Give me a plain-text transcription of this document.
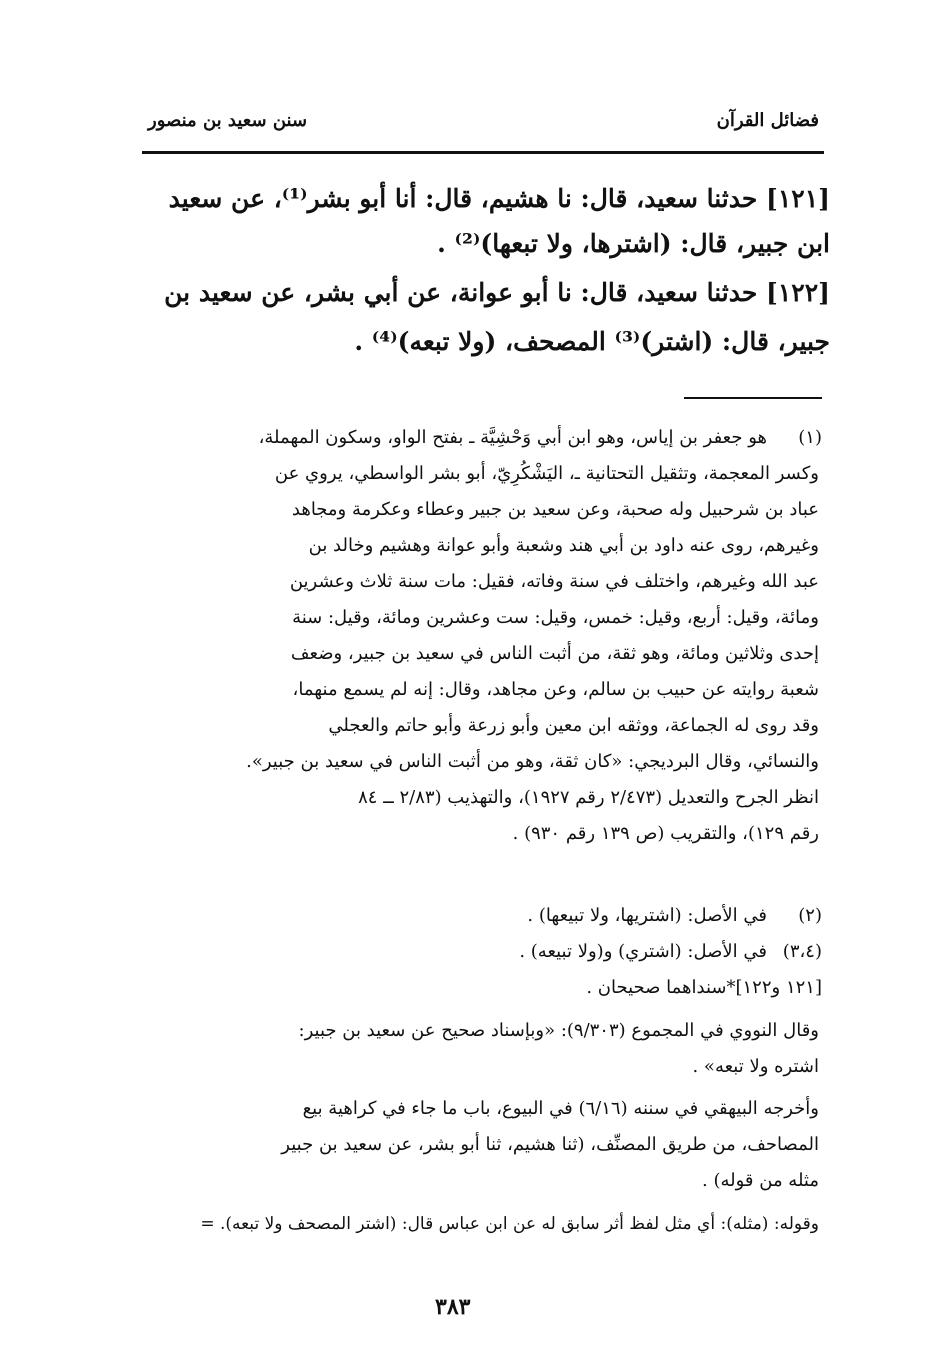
فضائل القرآن
سنن سعيد بن منصور
[١٢١] حدثنا سعيد، قال: نا هشيم، قال: أنا أبو بشر⁽¹⁾، عن سعيد
ابن جبير، قال: (اشترها، ولا تبعها)⁽²⁾ .
[١٢٢] حدثنا سعيد، قال: نا أبو عوانة، عن أبي بشر، عن سعيد بن
جبير، قال: (اشتر)⁽³⁾ المصحف، (ولا تبعه)⁽⁴⁾ .
(١)
هو جعفر بن إياس، وهو ابن أبي وَحْشِيَّة ـ بفتح الواو، وسكون المهملة،
وكسر المعجمة، وتثقيل التحتانية ـ، اليَشْكُرِيّ، أبو بشر الواسطي، يروي عن
عباد بن شرحبيل وله صحبة، وعن سعيد بن جبير وعطاء وعكرمة ومجاهد
وغيرهم، روى عنه داود بن أبي هند وشعبة وأبو عوانة وهشيم وخالد بن
عبد الله وغيرهم، واختلف في سنة وفاته، فقيل: مات سنة ثلاث وعشرين
ومائة، وقيل: أربع، وقيل: خمس، وقيل: ست وعشرين ومائة، وقيل: سنة
إحدى وثلاثين ومائة، وهو ثقة، من أثبت الناس في سعيد بن جبير، وضعف
شعبة روايته عن حبيب بن سالم، وعن مجاهد، وقال: إنه لم يسمع منهما،
وقد روى له الجماعة، ووثقه ابن معين وأبو زرعة وأبو حاتم والعجلي
والنسائي، وقال البرديجي: «كان ثقة، وهو من أثبت الناس في سعيد بن جبير».
انظر الجرح والتعديل (٢/٤٧٣ رقم ١٩٢٧)، والتهذيب (٢/٨٣ ــ ٨٤
رقم ١٢٩)، والتقريب (ص ١٣٩ رقم ٩٣٠) .
(٢)
في الأصل: (اشتريها، ولا تبيعها) .
(٣،٤)
في الأصل: (اشتري) و(ولا تبيعه) .
[١٢١ و١٢٢]*سنداهما صحيحان .
وقال النووي في المجموع (٩/٣٠٣): «وبإسناد صحيح عن سعيد بن جبير:
اشتره ولا تبعه» .
وأخرجه البيهقي في سننه (٦/١٦) في البيوع، باب ما جاء في كراهية بيع
المصاحف، من طريق المصنِّف، (ثنا هشيم، ثنا أبو بشر، عن سعيد بن جبير
مثله من قوله) .
وقوله: (مثله): أي مثل لفظ أثر سابق له عن ابن عباس قال: (اشتر المصحف ولا تبعه). =
٣٨٣
